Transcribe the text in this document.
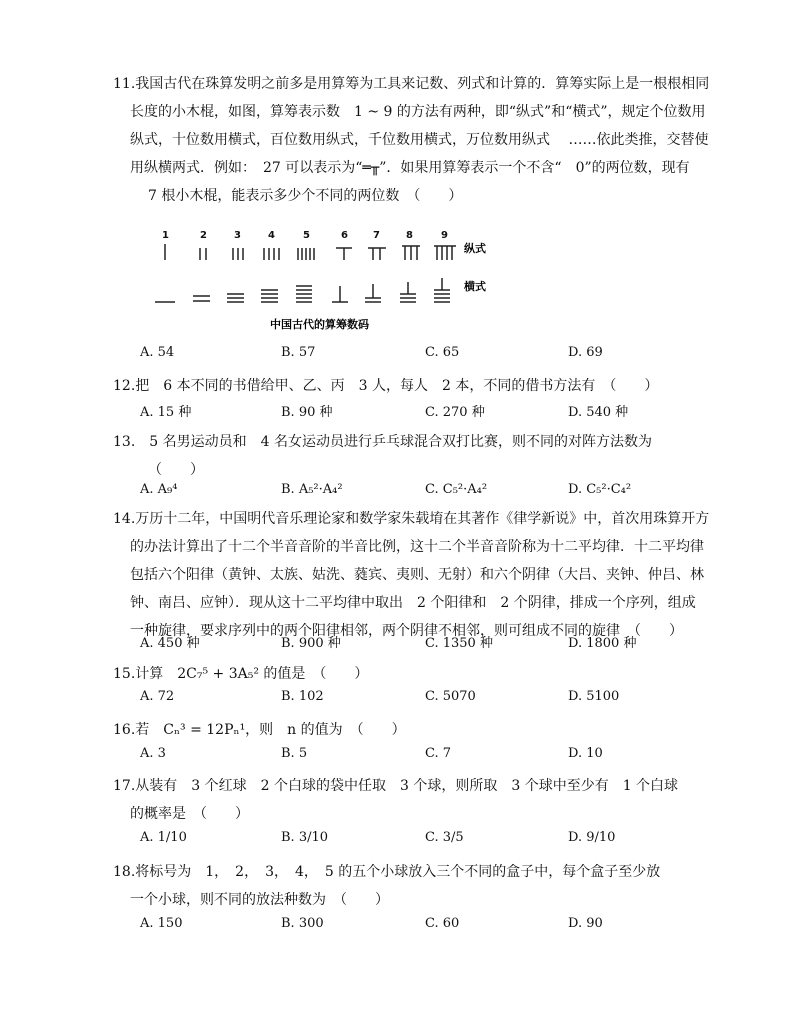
11.我国古代在珠算发明之前多是用算筹为工具来记数、列式和计算的．算筹实际上是一根根相同
长度的小木棍，如图，算筹表示数　1 ~ 9 的方法有两种，即“纵式”和“横式”，规定个位数用
纵式，十位数用横式，百位数用纵式，千位数用横式，万位数用纵式　 ……依此类推，交替使
用纵横两式．例如：　27 可以表示为“═╥”．如果用算筹表示一个不含“　0”的两位数，现有
7 根小木棍，能表示多少个不同的两位数　（　　）
1	2	3	4	5	6	7	8	9
纵式
横式
中国古代的算筹数码
A. 54	B. 57	C. 65	D. 69
12.把　6 本不同的书借给甲、乙、丙　3 人，每人　2 本，不同的借书方法有　（　　）
A. 15 种	B. 90 种	C. 270 种	D. 540 种
13.　5 名男运动员和　4 名女运动员进行乒乓球混合双打比赛，则不同的对阵方法数为
（　　）
A. A₉⁴	B. A₅²·A₄²	C. C₅²·A₄²	D. C₅²·C₄²
14.万历十二年，中国明代音乐理论家和数学家朱载堉在其著作《律学新说》中，首次用珠算开方
的办法计算出了十二个半音音阶的半音比例，这十二个半音音阶称为十二平均律．十二平均律
包括六个阳律（黄钟、太族、姑洗、蕤宾、夷则、无射）和六个阴律（大吕、夹钟、仲吕、林
钟、南吕、应钟）．现从这十二平均律中取出　2 个阳律和　2 个阴律，排成一个序列，组成
一种旋律，要求序列中的两个阳律相邻，两个阴律不相邻，则可组成不同的旋律　（　　）
A. 450 种	B. 900 种	C. 1350 种	D. 1800 种
15.计算　2C₇⁵ + 3A₅² 的值是　（　　）
A. 72	B. 102	C. 5070	D. 5100
16.若　Cₙ³ = 12Pₙ¹，则　n 的值为　（　　）
A. 3	B. 5	C. 7	D. 10
17.从装有　3 个红球　2 个白球的袋中任取　3 个球，则所取　3 个球中至少有　1 个白球
的概率是　（　　）
A. 1/10	B. 3/10	C. 3/5	D. 9/10
18.将标号为　1，　2，　3，　4，　5 的五个小球放入三个不同的盒子中，每个盒子至少放
一个小球，则不同的放法种数为　（　　）
A. 150	B. 300	C. 60	D. 90
